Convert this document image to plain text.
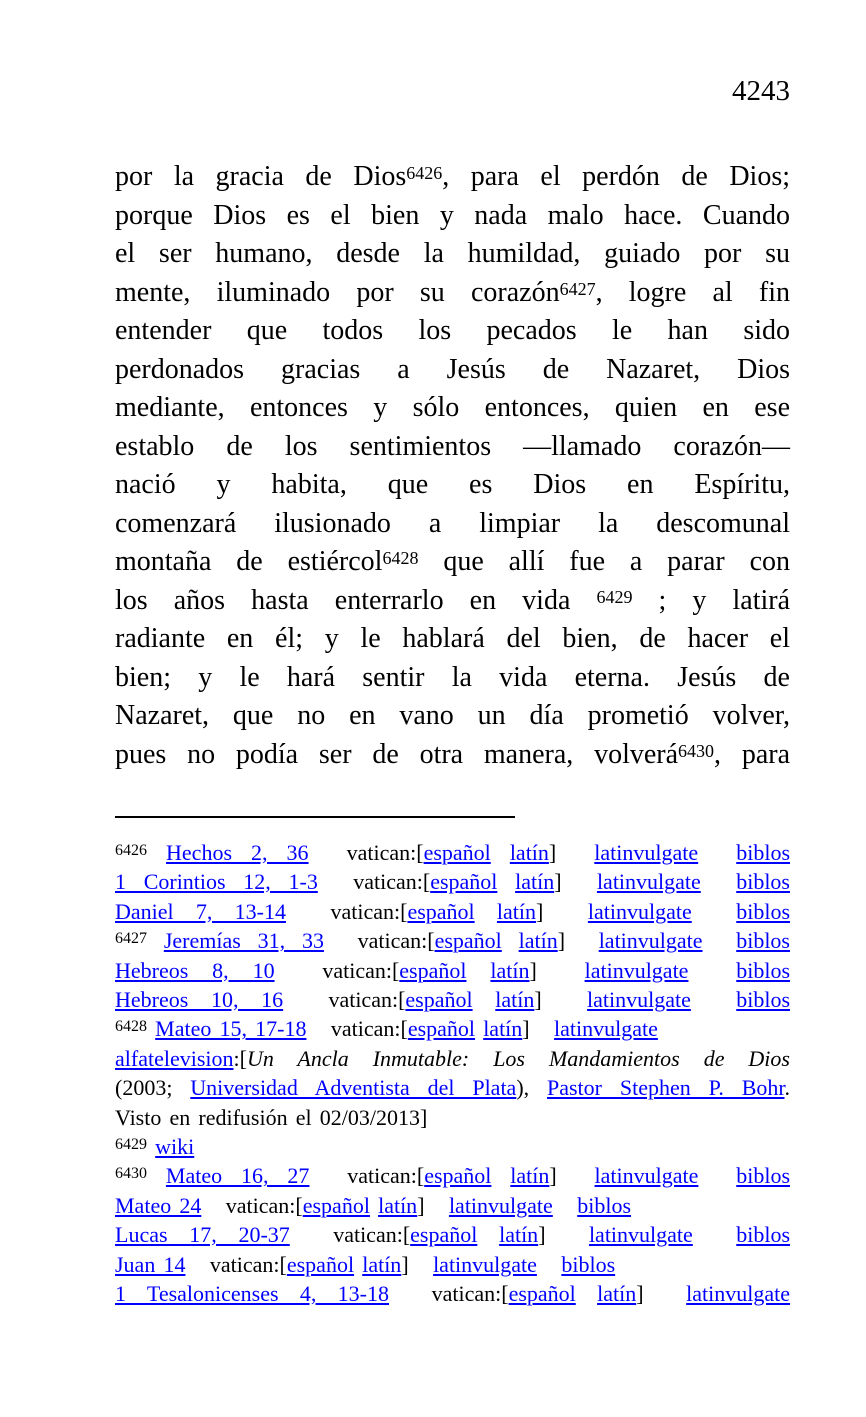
4243
por la gracia de Dios$^{6426}$, para el perdón de Dios;
porque Dios es el bien y nada malo hace. Cuando
el ser humano, desde la humildad, guiado por su
mente, iluminado por su corazón$^{6427}$, logre al fin
entender que todos los pecados le han sido
perdonados gracias a Jesús de Nazaret, Dios
mediante, entonces y sólo entonces, quien en ese
establo de los sentimientos —llamado corazón—
nació y habita, que es Dios en Espíritu,
comenzará ilusionado a limpiar la descomunal
montaña de estiércol$^{6428}$ que allí fue a parar con
los años hasta enterrarlo en vida $^{6429}$ ; y latirá
radiante en él; y le hablará del bien, de hacer el
bien; y le hará sentir la vida eterna. Jesús de
Nazaret, que no en vano un día prometió volver,
pues no podía ser de otra manera, volverá$^{6430}$, para
$^{6426}$ Hechos 2, 36  vatican:[español latín]  latinvulgate biblos
1 Corintios 12, 1-3  vatican:[español latín]  latinvulgate biblos
Daniel 7, 13-14  vatican:[español latín]  latinvulgate biblos
$^{6427}$ Jeremías 31, 33  vatican:[español latín]  latinvulgate biblos
Hebreos 8, 10  vatican:[español latín]  latinvulgate biblos
Hebreos 10, 16  vatican:[español latín]  latinvulgate biblos
$^{6428}$ Mateo 15, 17-18   vatican:[español latín]   latinvulgate
alfatelevision:[Un Ancla Inmutable: Los Mandamientos de Dios
(2003; Universidad Adventista del Plata), Pastor Stephen P. Bohr.
Visto en redifusión el 02/03/2013]
$^{6429}$ wiki
$^{6430}$ Mateo 16, 27  vatican:[español latín]  latinvulgate biblos
Mateo 24   vatican:[español latín]   latinvulgate biblos
Lucas 17, 20-37  vatican:[español latín]  latinvulgate biblos
Juan 14   vatican:[español latín]   latinvulgate biblos
1 Tesalonicenses 4, 13-18  vatican:[español latín]  latinvulgate
